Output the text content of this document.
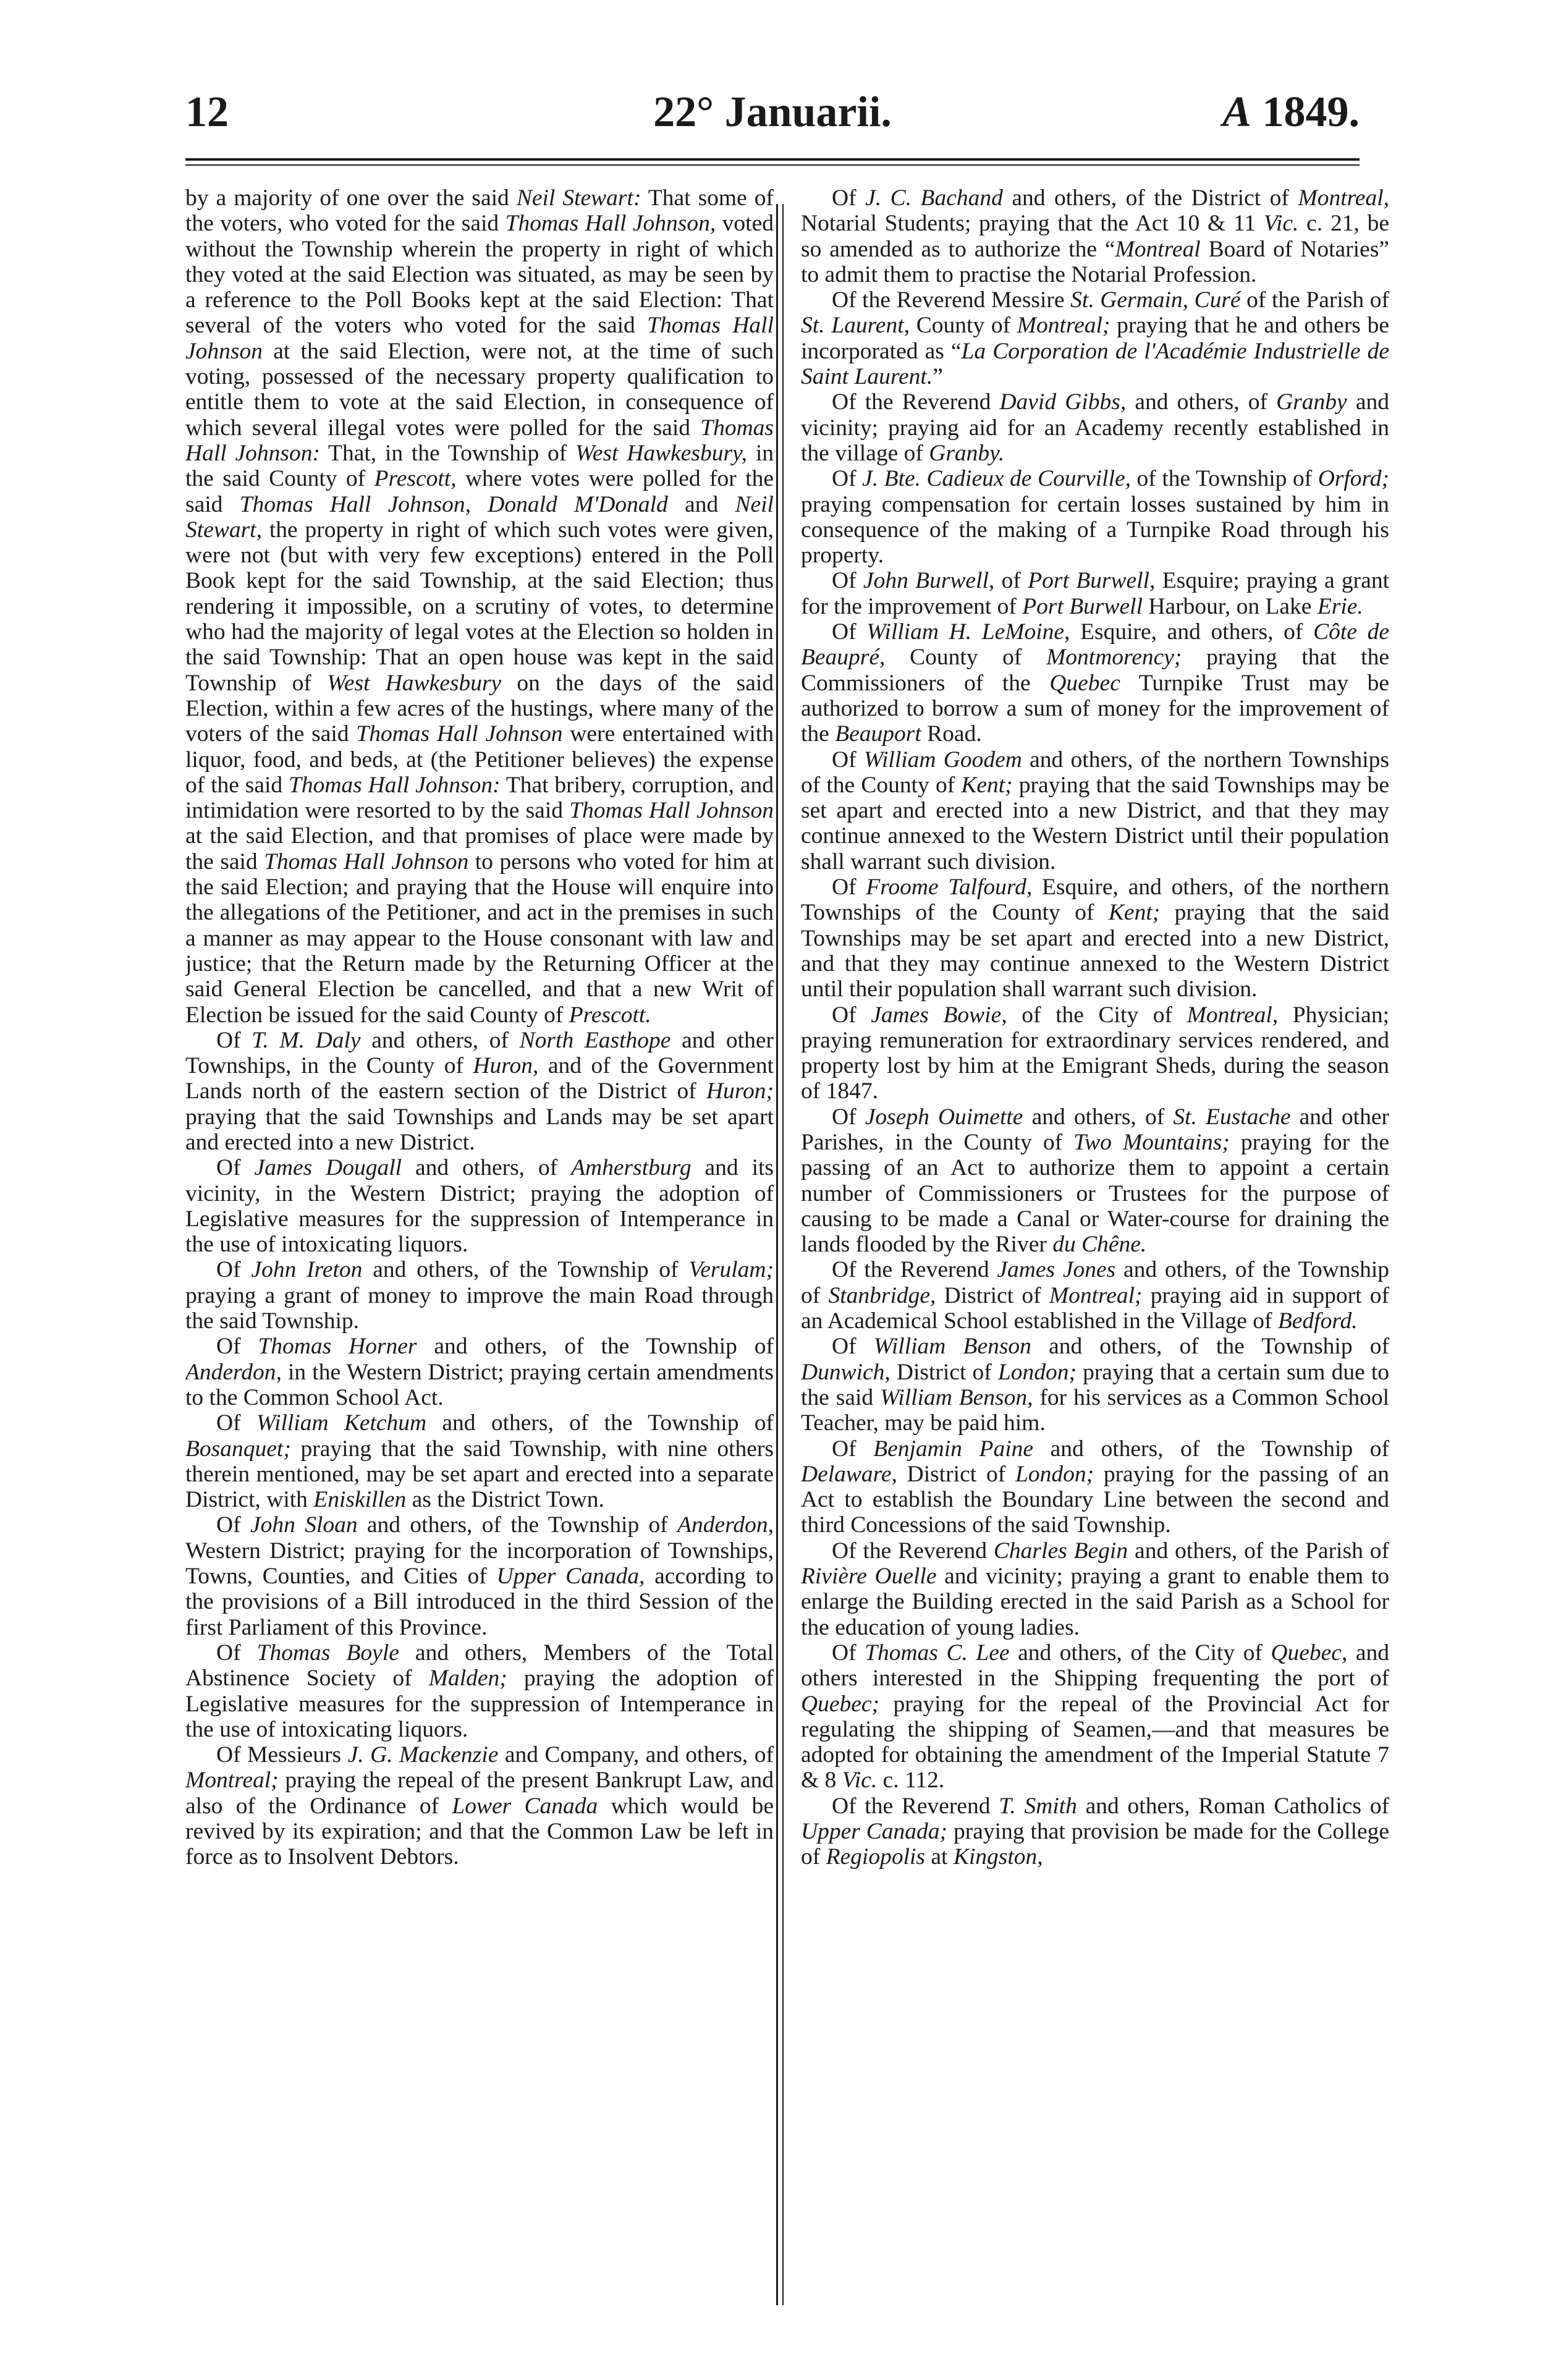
12	22° Januarii.	A 1849.

by a majority of one over the said Neil Stewart: That some of the voters, who voted for the said Thomas Hall Johnson, voted without the Township wherein the property in right of which they voted at the said Election was situated, as may be seen by a reference to the Poll Books kept at the said Election: That several of the voters who voted for the said Thomas Hall Johnson at the said Election, were not, at the time of such voting, possessed of the necessary property qualification to entitle them to vote at the said Election, in consequence of which several illegal votes were polled for the said Thomas Hall Johnson: That, in the Township of West Hawkesbury, in the said County of Prescott, where votes were polled for the said Thomas Hall Johnson, Donald M'Donald and Neil Stewart, the property in right of which such votes were given, were not (but with very few exceptions) entered in the Poll Book kept for the said Township, at the said Election; thus rendering it impossible, on a scrutiny of votes, to determine who had the majority of legal votes at the Election so holden in the said Township: That an open house was kept in the said Township of West Hawkesbury on the days of the said Election, within a few acres of the hustings, where many of the voters of the said Thomas Hall Johnson were entertained with liquor, food, and beds, at (the Petitioner believes) the expense of the said Thomas Hall Johnson: That bribery, corruption, and intimidation were resorted to by the said Thomas Hall Johnson at the said Election, and that promises of place were made by the said Thomas Hall Johnson to persons who voted for him at the said Election; and praying that the House will enquire into the allegations of the Petitioner, and act in the premises in such a manner as may appear to the House consonant with law and justice; that the Return made by the Returning Officer at the said General Election be cancelled, and that a new Writ of Election be issued for the said County of Prescott.

Of T. M. Daly and others, of North Easthope and other Townships, in the County of Huron, and of the Government Lands north of the eastern section of the District of Huron; praying that the said Townships and Lands may be set apart and erected into a new District.

Of James Dougall and others, of Amherstburg and its vicinity, in the Western District; praying the adoption of Legislative measures for the suppression of Intemperance in the use of intoxicating liquors.

Of John Ireton and others, of the Township of Verulam; praying a grant of money to improve the main Road through the said Township.

Of Thomas Horner and others, of the Township of Anderdon, in the Western District; praying certain amendments to the Common School Act.

Of William Ketchum and others, of the Township of Bosanquet; praying that the said Township, with nine others therein mentioned, may be set apart and erected into a separate District, with Eniskillen as the District Town.

Of John Sloan and others, of the Township of Anderdon, Western District; praying for the incorporation of Townships, Towns, Counties, and Cities of Upper Canada, according to the provisions of a Bill introduced in the third Session of the first Parliament of this Province.

Of Thomas Boyle and others, Members of the Total Abstinence Society of Malden; praying the adoption of Legislative measures for the suppression of Intemperance in the use of intoxicating liquors.

Of Messieurs J. G. Mackenzie and Company, and others, of Montreal; praying the repeal of the present Bankrupt Law, and also of the Ordinance of Lower Canada which would be revived by its expiration; and that the Common Law be left in force as to Insolvent Debtors.

Of J. C. Bachand and others, of the District of Montreal, Notarial Students; praying that the Act 10 & 11 Vic. c. 21, be so amended as to authorize the “Montreal Board of Notaries” to admit them to practise the Notarial Profession.

Of the Reverend Messire St. Germain, Curé of the Parish of St. Laurent, County of Montreal; praying that he and others be incorporated as “La Corporation de l'Académie Industrielle de Saint Laurent.”

Of the Reverend David Gibbs, and others, of Granby and vicinity; praying aid for an Academy recently established in the village of Granby.

Of J. Bte. Cadieux de Courville, of the Township of Orford; praying compensation for certain losses sustained by him in consequence of the making of a Turnpike Road through his property.

Of John Burwell, of Port Burwell, Esquire; praying a grant for the improvement of Port Burwell Harbour, on Lake Erie.

Of William H. LeMoine, Esquire, and others, of Côte de Beaupré, County of Montmorency; praying that the Commissioners of the Quebec Turnpike Trust may be authorized to borrow a sum of money for the improvement of the Beauport Road.

Of William Goodem and others, of the northern Townships of the County of Kent; praying that the said Townships may be set apart and erected into a new District, and that they may continue annexed to the Western District until their population shall warrant such division.

Of Froome Talfourd, Esquire, and others, of the northern Townships of the County of Kent; praying that the said Townships may be set apart and erected into a new District, and that they may continue annexed to the Western District until their population shall warrant such division.

Of James Bowie, of the City of Montreal, Physician; praying remuneration for extraordinary services rendered, and property lost by him at the Emigrant Sheds, during the season of 1847.

Of Joseph Ouimette and others, of St. Eustache and other Parishes, in the County of Two Mountains; praying for the passing of an Act to authorize them to appoint a certain number of Commissioners or Trustees for the purpose of causing to be made a Canal or Water-course for draining the lands flooded by the River du Chêne.

Of the Reverend James Jones and others, of the Township of Stanbridge, District of Montreal; praying aid in support of an Academical School established in the Village of Bedford.

Of William Benson and others, of the Township of Dunwich, District of London; praying that a certain sum due to the said William Benson, for his services as a Common School Teacher, may be paid him.

Of Benjamin Paine and others, of the Township of Delaware, District of London; praying for the passing of an Act to establish the Boundary Line between the second and third Concessions of the said Township.

Of the Reverend Charles Begin and others, of the Parish of Rivière Ouelle and vicinity; praying a grant to enable them to enlarge the Building erected in the said Parish as a School for the education of young ladies.

Of Thomas C. Lee and others, of the City of Quebec, and others interested in the Shipping frequenting the port of Quebec; praying for the repeal of the Provincial Act for regulating the shipping of Seamen,—and that measures be adopted for obtaining the amendment of the Imperial Statute 7 & 8 Vic. c. 112.

Of the Reverend T. Smith and others, Roman Catholics of Upper Canada; praying that provision be made for the College of Regiopolis at Kingston,
